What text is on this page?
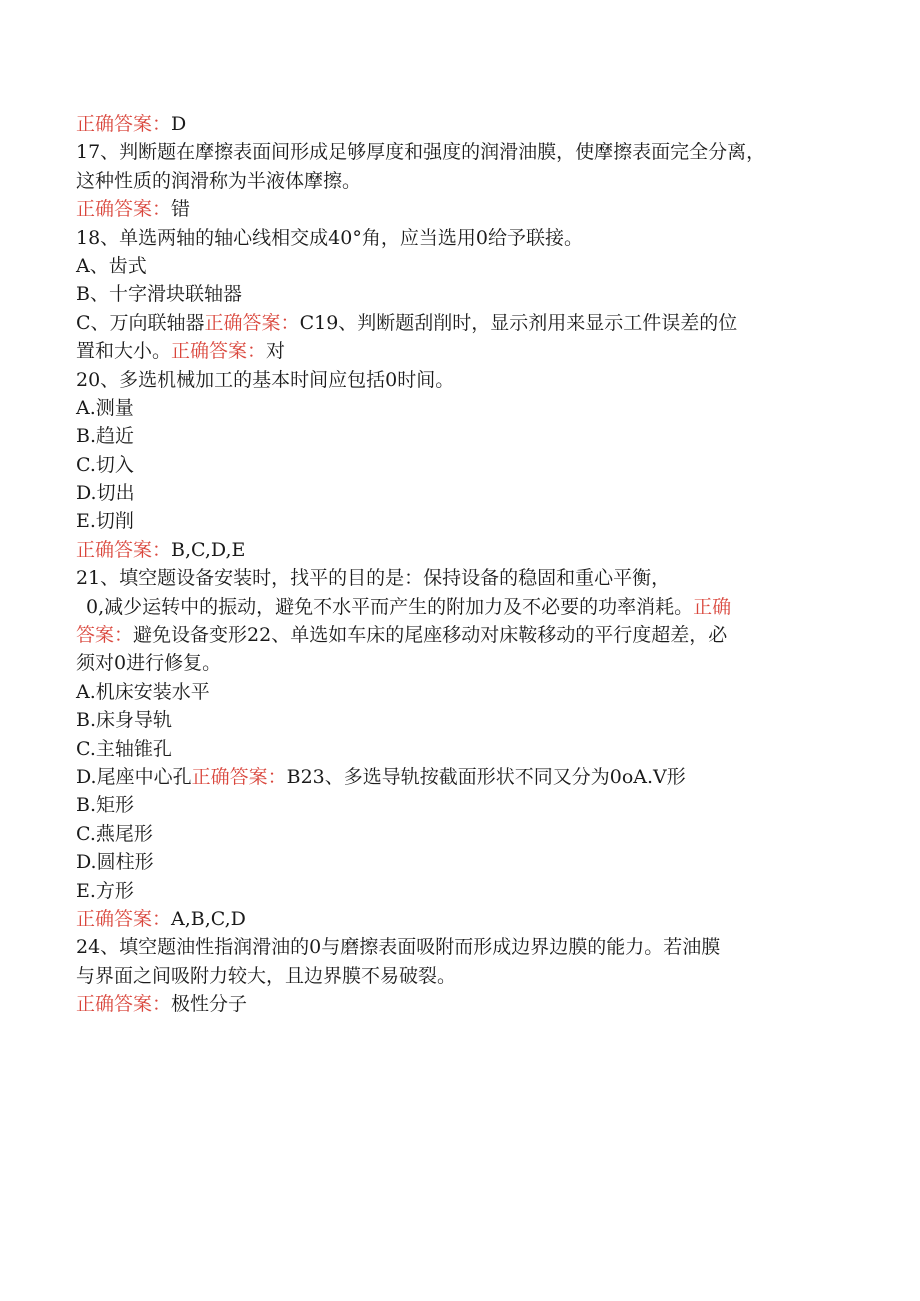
正确答案：D
17、判断题在摩擦表面间形成足够厚度和强度的润滑油膜，使摩擦表面完全分离，
这种性质的润滑称为半液体摩擦。
正确答案：错
18、单选两轴的轴心线相交成40°角，应当选用0给予联接。
A、齿式
B、十字滑块联轴器
C、万向联轴器正确答案：C19、判断题刮削时，显示剂用来显示工件误差的位
置和大小。正确答案：对
20、多选机械加工的基本时间应包括0时间。
A.测量
B.趋近
C.切入
D.切出
E.切削
正确答案：B,C,D,E
21、填空题设备安装时，找平的目的是：保持设备的稳固和重心平衡，
0,减少运转中的振动，避免不水平而产生的附加力及不必要的功率消耗。正确
答案：避免设备变形22、单选如车床的尾座移动对床鞍移动的平行度超差，必
须对0进行修复。
A.机床安装水平
B.床身导轨
C.主轴锥孔
D.尾座中心孔正确答案：B23、多选导轨按截面形状不同又分为0oA.V形
B.矩形
C.燕尾形
D.圆柱形
E.方形
正确答案：A,B,C,D
24、填空题油性指润滑油的0与磨擦表面吸附而形成边界边膜的能力。若油膜
与界面之间吸附力较大，且边界膜不易破裂。
正确答案：极性分子
